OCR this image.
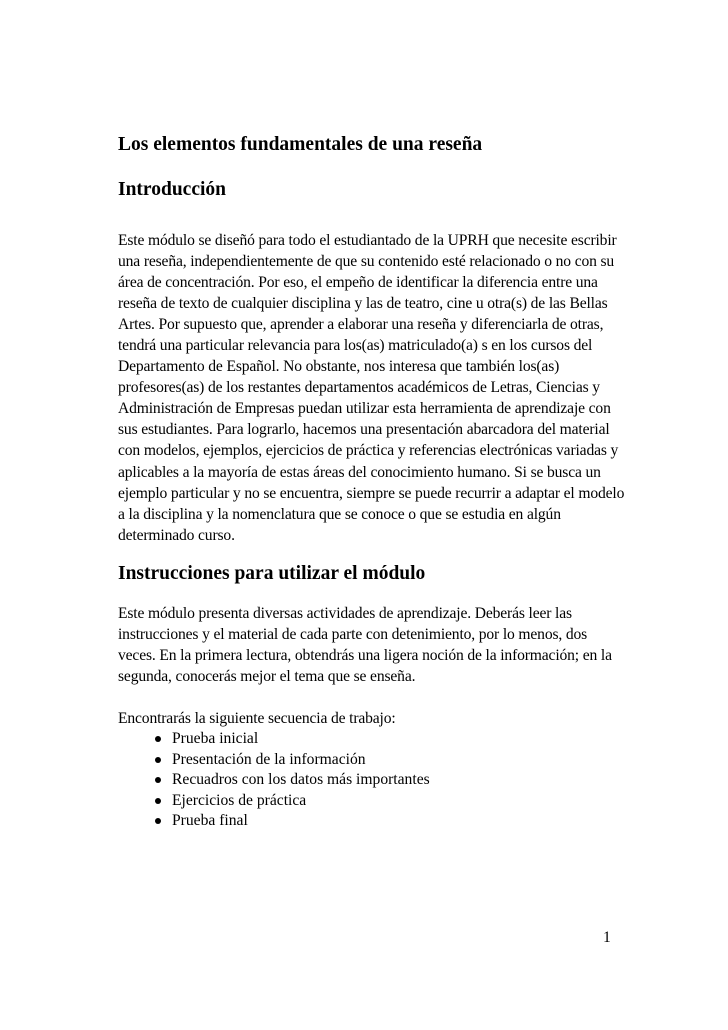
Los elementos fundamentales de una reseña
Introducción

Este módulo se diseñó para todo el estudiantado de la UPRH que necesite escribir una reseña, independientemente de que su contenido esté relacionado o no con su área de concentración. Por eso, el empeño de identificar la diferencia entre una reseña de texto de cualquier disciplina y las de teatro, cine u otra(s) de las Bellas Artes. Por supuesto que, aprender a elaborar una reseña y diferenciarla de otras, tendrá una particular relevancia para los(as) matriculado(a) s en los cursos del Departamento de Español. No obstante, nos interesa que también los(as) profesores(as) de los restantes departamentos académicos de Letras, Ciencias y Administración de Empresas puedan utilizar esta herramienta de aprendizaje con sus estudiantes. Para lograrlo, hacemos una presentación abarcadora del material con modelos, ejemplos, ejercicios de práctica y referencias electrónicas variadas y aplicables a la mayoría de estas áreas del conocimiento humano. Si se busca un ejemplo particular y no se encuentra, siempre se puede recurrir a adaptar el modelo a la disciplina y la nomenclatura que se conoce o que se estudia en algún determinado curso.

Instrucciones para utilizar el módulo

Este módulo presenta diversas actividades de aprendizaje. Deberás leer las instrucciones y el material de cada parte con detenimiento, por lo menos, dos veces. En la primera lectura, obtendrás una ligera noción de la información; en la segunda, conocerás mejor el tema que se enseña.

Encontrarás la siguiente secuencia de trabajo:

Prueba inicial
Presentación de la información
Recuadros con los datos más importantes
Ejercicios de práctica
Prueba final
1
